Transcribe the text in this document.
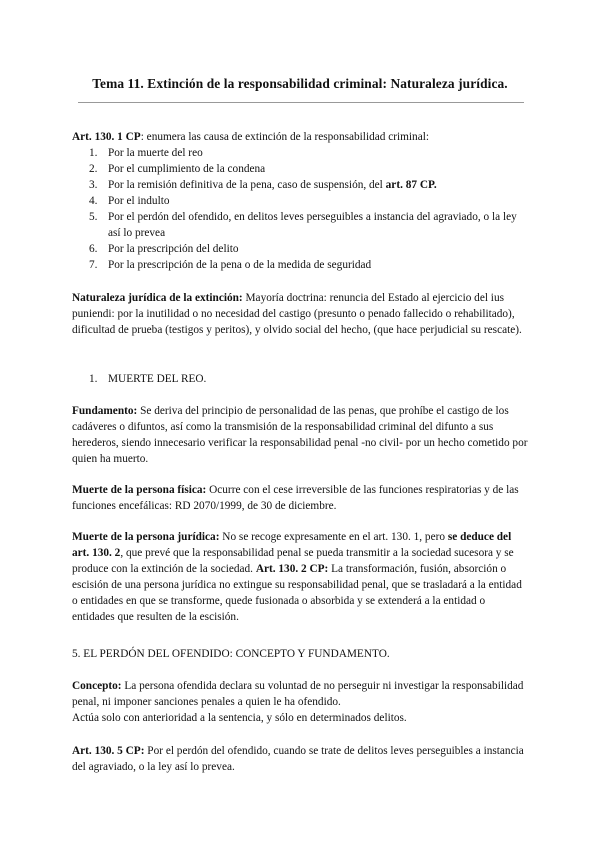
Tema 11. Extinción de la responsabilidad criminal: Naturaleza jurídica.
Art. 130. 1 CP: enumera las causa de extinción de la responsabilidad criminal:
1. Por la muerte del reo
2. Por el cumplimiento de la condena
3. Por la remisión definitiva de la pena, caso de suspensión, del art. 87 CP.
4. Por el indulto
5. Por el perdón del ofendido, en delitos leves perseguibles a instancia del agraviado, o la ley así lo prevea
6. Por la prescripción del delito
7. Por la prescripción de la pena o de la medida de seguridad
Naturaleza jurídica de la extinción: Mayoría doctrina: renuncia del Estado al ejercicio del ius puniendi: por la inutilidad o no necesidad del castigo (presunto o penado fallecido o rehabilitado), dificultad de prueba (testigos y peritos), y olvido social del hecho, (que hace perjudicial su rescate).
1. MUERTE DEL REO.
Fundamento: Se deriva del principio de personalidad de las penas, que prohíbe el castigo de los cadáveres o difuntos, así como la transmisión de la responsabilidad criminal del difunto a sus herederos, siendo innecesario verificar la responsabilidad penal -no civil- por un hecho cometido por quien ha muerto.
Muerte de la persona física: Ocurre con el cese irreversible de las funciones respiratorias y de las funciones encefálicas: RD 2070/1999, de 30 de diciembre.
Muerte de la persona jurídica: No se recoge expresamente en el art. 130. 1, pero se deduce del art. 130. 2, que prevé que la responsabilidad penal se pueda transmitir a la sociedad sucesora y se produce con la extinción de la sociedad. Art. 130. 2 CP: La transformación, fusión, absorción o escisión de una persona jurídica no extingue su responsabilidad penal, que se trasladará a la entidad o entidades en que se transforme, quede fusionada o absorbida y se extenderá a la entidad o entidades que resulten de la escisión.
5. EL PERDÓN DEL OFENDIDO: CONCEPTO Y FUNDAMENTO.
Concepto: La persona ofendida declara su voluntad de no perseguir ni investigar la responsabilidad penal, ni imponer sanciones penales a quien le ha ofendido.
Actúa solo con anterioridad a la sentencia, y sólo en determinados delitos.
Art. 130. 5 CP: Por el perdón del ofendido, cuando se trate de delitos leves perseguibles a instancia del agraviado, o la ley así lo prevea.
